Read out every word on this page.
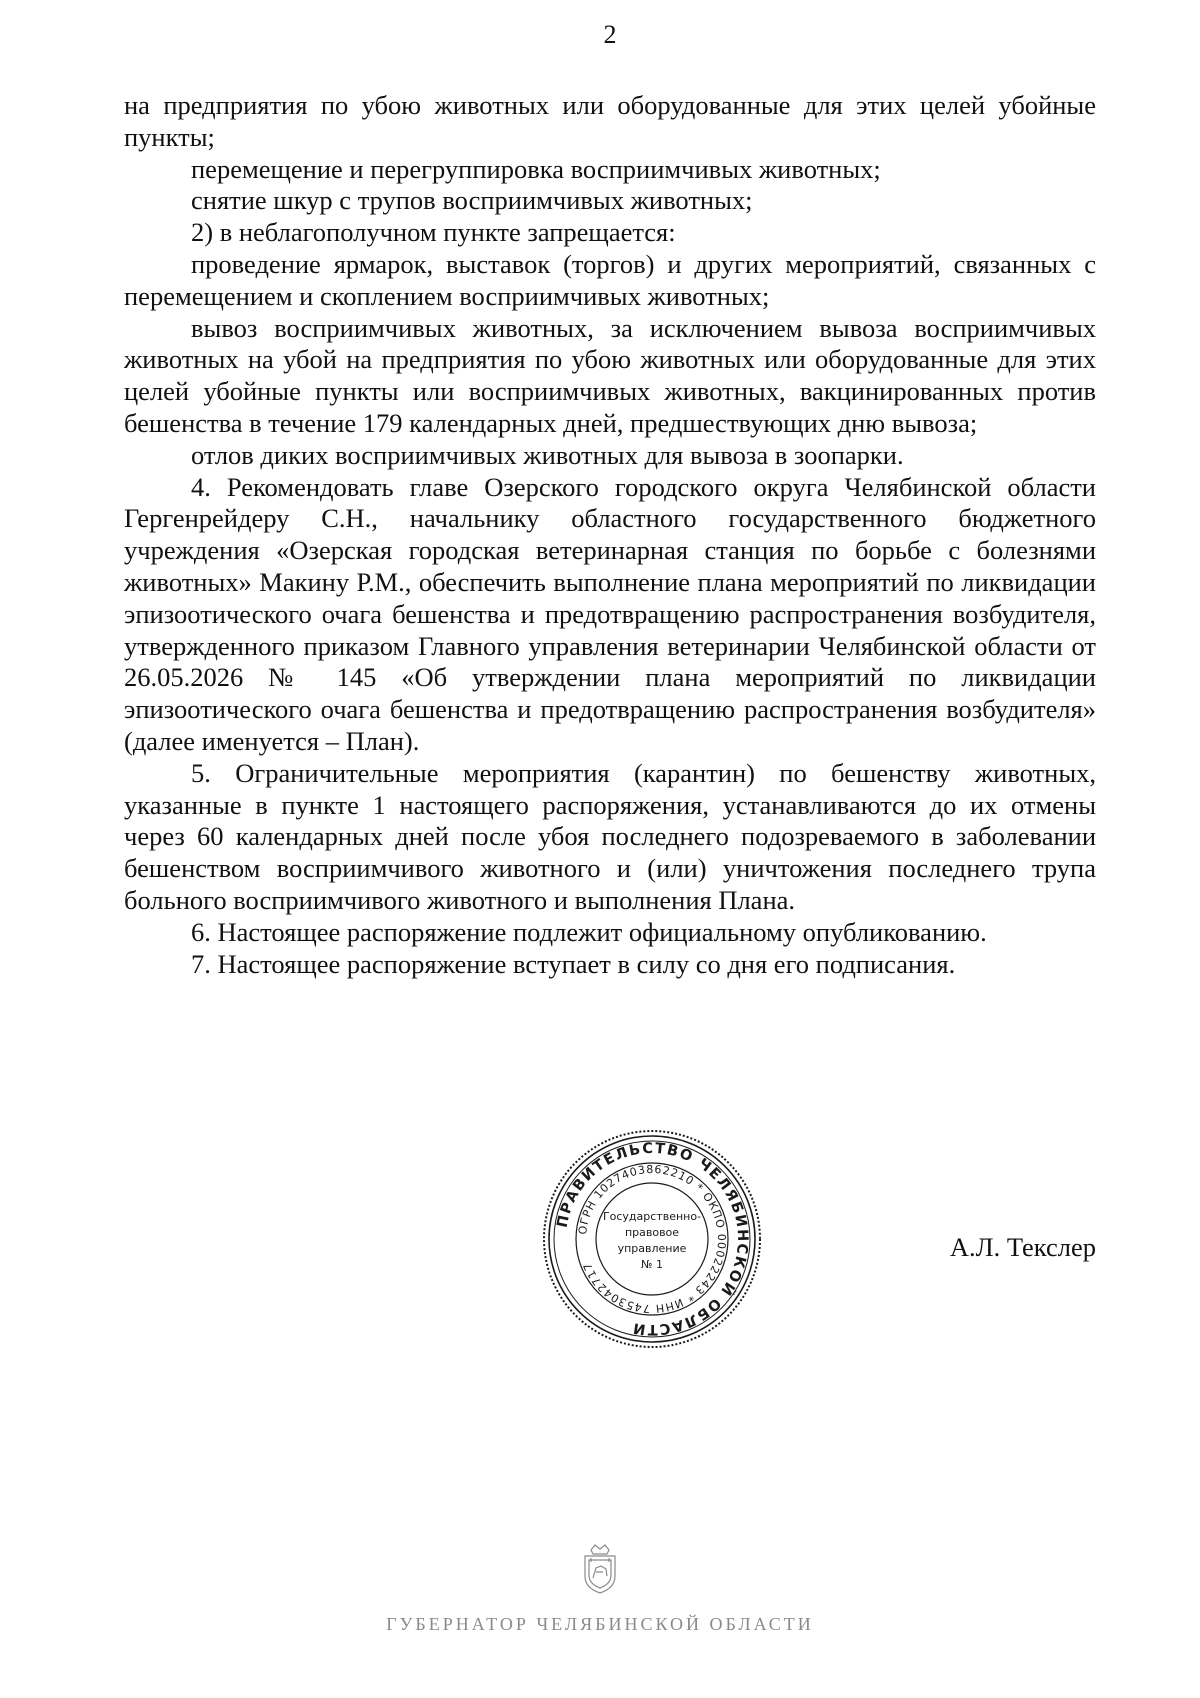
2

на предприятия по убою животных или оборудованные для этих целей убойные пункты;

перемещение и перегруппировка восприимчивых животных;

снятие шкур с трупов восприимчивых животных;

2) в неблагополучном пункте запрещается:

проведение ярмарок, выставок (торгов) и других мероприятий, связанных с перемещением и скоплением восприимчивых животных;

вывоз восприимчивых животных, за исключением вывоза восприимчивых животных на убой на предприятия по убою животных или оборудованные для этих целей убойные пункты или восприимчивых животных, вакцинированных против бешенства в течение 179 календарных дней, предшествующих дню вывоза;

отлов диких восприимчивых животных для вывоза в зоопарки.

4. Рекомендовать главе Озерского городского округа Челябинской области Гергенрейдеру С.Н., начальнику областного государственного бюджетного учреждения «Озерская городская ветеринарная станция по борьбе с болезнями животных» Макину Р.М., обеспечить выполнение плана мероприятий по ликвидации эпизоотического очага бешенства и предотвращению распространения возбудителя, утвержденного приказом Главного управления ветеринарии Челябинской области от 26.05.2026 № 145 «Об утверждении плана мероприятий по ликвидации эпизоотического очага бешенства и предотвращению распространения возбудителя» (далее именуется – План).

5. Ограничительные мероприятия (карантин) по бешенству животных, указанные в пункте 1 настоящего распоряжения, устанавливаются до их отмены через 60 календарных дней после убоя последнего подозреваемого в заболевании бешенством восприимчивого животного и (или) уничтожения последнего трупа больного восприимчивого животного и выполнения Плана.

6. Настоящее распоряжение подлежит официальному опубликованию.

7. Настоящее распоряжение вступает в силу со дня его подписания.

ПРАВИТЕЛЬСТВО ЧЕЛЯБИНСКОЙ ОБЛАСТИ
ОГРН 1027403862210 * ОКПО 00022243 * ИНН 7453042717
Государственно-
правовое
управление
№ 1
А.Л. Текслер
ГУБЕРНАТОР ЧЕЛЯБИНСКОЙ ОБЛАСТИ
